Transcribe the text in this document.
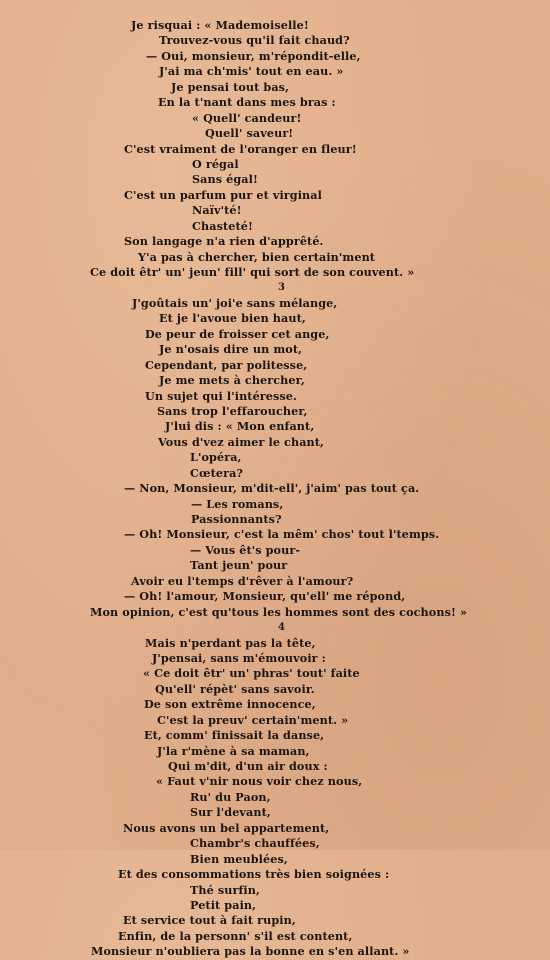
Je risquai : « Mademoiselle!
Trouvez-vous qu'il fait chaud?
— Oui, monsieur, m'répondit-elle,
J'ai ma ch'mis' tout en eau. »
Je pensai tout bas,
En la t'nant dans mes bras :
« Quell' candeur!
Quell' saveur!
C'est vraiment de l'oranger en fleur!
O régal
Sans égal!
C'est un parfum pur et virginal
Naïv'té!
Chasteté!
Son langage n'a rien d'apprêté.
Y'a pas à chercher, bien certain'ment
Ce doit êtr' un' jeun' fill' qui sort de son couvent. »
3
J'goûtais un' joi'e sans mélange,
Et je l'avoue bien haut,
De peur de froisser cet ange,
Je n'osais dire un mot,
Cependant, par politesse,
Je me mets à chercher,
Un sujet qui l'intéresse.
Sans trop l'effaroucher,
J'lui dis : « Mon enfant,
Vous d'vez aimer le chant,
L'opéra,
Cœtera?
— Non, Monsieur, m'dit-ell', j'aim' pas tout ça.
— Les romans,
Passionnants?
— Oh! Monsieur, c'est la mêm' chos' tout l'temps.
— Vous êt's pour-
Tant jeun' pour
Avoir eu l'temps d'rêver à l'amour?
— Oh! l'amour, Monsieur, qu'ell' me répond,
Mon opinion, c'est qu'tous les hommes sont des cochons! »
4
Mais n'perdant pas la tête,
J'pensai, sans m'émouvoir :
« Ce doit êtr' un' phras' tout' faite
Qu'ell' répèt' sans savoir.
De son extrême innocence,
C'est la preuv' certain'ment. »
Et, comm' finissait la danse,
J'la r'mène à sa maman,
Qui m'dit, d'un air doux :
« Faut v'nir nous voir chez nous,
Ru' du Paon,
Sur l'devant,
Nous avons un bel appartement,
Chambr's chauffées,
Bien meublées,
Et des consommations très bien soignées :
Thé surfin,
Petit pain,
Et service tout à fait rupin,
Enfin, de la personn' s'il est content,
Monsieur n'oubliera pas la bonne en s'en allant. »
